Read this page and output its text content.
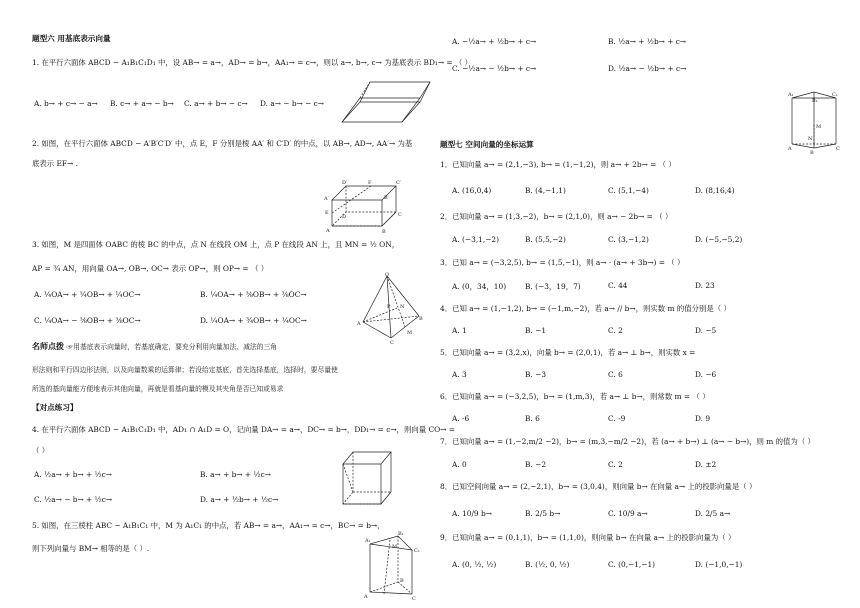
题型六 用基底表示向量
1. 在平行六面体 ABCD − A₁B₁C₁D₁ 中，设 AB→ = a→，AD→ = b→，AA₁→ = c→，则以 a→, b→, c→ 为基底表示 BD₁→ = （ ）
A. b→ + c→ − a→ B. c→ + a→ − b→ C. a→ + b→ − c→ D. a→ − b→ − c→
2. 如图，在平行六面体 ABCD − A′B′C′D′ 中，点 E，F 分别是棱 AA′ 和 C′D′ 的中点，以 AB→, AD→, AA′→ 为基
底表示 EF→ .
D′	C′
A′	B′
E
F
D	C
A	B
3. 如图，M 是四面体 OABC 的棱 BC 的中点，点 N 在线段 OM 上，点 P 在线段 AN 上，且 MN = ½ ON，
AP = ¾ AN，用向量 OA→, OB→, OC→ 表示 OP→，则 OP→ = （ ）
A. ¼OA→ + ¼OB→ + ¼OC→	B. ¼OA→ + ⅜OB→ + ⅜OC→
C. ¼OA→ − ⅜OB→ + ⅜OC→	D. ¼OA→ + ¾OB→ + ¼OC→
O
A
B
C
M
N
P
名师点拨 ☞用基底表示向量时，若基底确定，要充分利用向量加法、减法的三角
形法则和平行四边形法则，以及向量数乘的运算律；若没给定基底，首先选择基底，选择时，要尽量使
所选的基向量能方便地表示其他向量，再就是看基向量的模及其夹角是否已知或易求
【对点练习】
4. 在平行六面体 ABCD − A₁B₁C₁D₁ 中，AD₁ ∩ A₁D = O，记向量 DA→ = a→，DC→ = b→，DD₁→ = c→，则向量 CO→ =
（ ）
A. ½a→ + b→ + ½c→	B. a→ + b→ + ½c→
C. ½a→ − b→ + ½c→	D. a→ + ½b→ + ½c→
5. 如图，在三棱柱 ABC − A₁B₁C₁ 中，M 为 A₁C₁ 的中点，若 AB→ = a→，AA₁→ = c→，BC→ = b→，
则下列向量与 BM→ 相等的是（ ）.
A₁
B₁
M
C₁
A
B
C
A. −½a→ + ½b→ + c→	B. ½a→ + ½b→ + c→
C. −½a→ − ½b→ + c→	D. ½a→ − ½b→ + c→
A₁	C₁
B₁
M
A
N
C
B
题型七 空间向量的坐标运算
1．已知向量 a→ = (2,1,−3), b→ = (1,−1,2)，则 a→ + 2b→ = （ ）
A. (16,0,4)	B. (4,−1,1)	C. (5,1,−4)	D. (8,16,4)
2．已知向量 a→ = (1,3,−2)，b→ = (2,1,0)，则 a→ − 2b→ = （ ）
A. (−3,1,−2)	B. (5,5,−2)	C. (3,−1,2)	D. (−5,−5,2)
3．已知 a→ = (−3,2,5), b→ = (1,5,−1)，则 a→ · (a→ + 3b→) = （ ）
A. (0，34，10)	B. (−3，19，7)	C. 44	D. 23
4．已知 a→ = (1,−1,2), b→ = (−1,m,−2)，若 a→ // b→，则实数 m 的值分别是（ ）
A. 1	B. −1	C. 2	D. −5
5．已知向量 a→ = (3,2,x)，向量 b→ = (2,0,1)，若 a→ ⊥ b→，则实数 x =
A. 3	B. −3	C. 6	D. −6
6．已知向量 a→ = (−3,2,5)，b→ = (1,m,3)，若 a→ ⊥ b→，则常数 m = （ ）
A. -6	B. 6	C. -9	D. 9
7．已知向量 a→ = (1,−2,m/2 −2)，b→ = (m,3,−m/2 −2)，若 (a→ + b→) ⊥ (a→ − b→)，则 m 的值为（ ）
A. 0	B. −2	C. 2	D. ±2
8．已知空间向量 a→ = (2,−2,1)，b→ = (3,0,4)，则向量 b→ 在向量 a→ 上的投影向量是（ ）
A. 10/9 b→	B. 2/5 b→	C. 10/9 a→	D. 2/5 a→
9．已知向量 a→ = (0,1,1)，b→ = (1,1,0)，则向量 b→ 在向量 a→ 上的投影向量为（ ）
A. (0, ½, ½)	B. (½, 0, ½)	C. (0,−1,−1)	D. (−1,0,−1)
